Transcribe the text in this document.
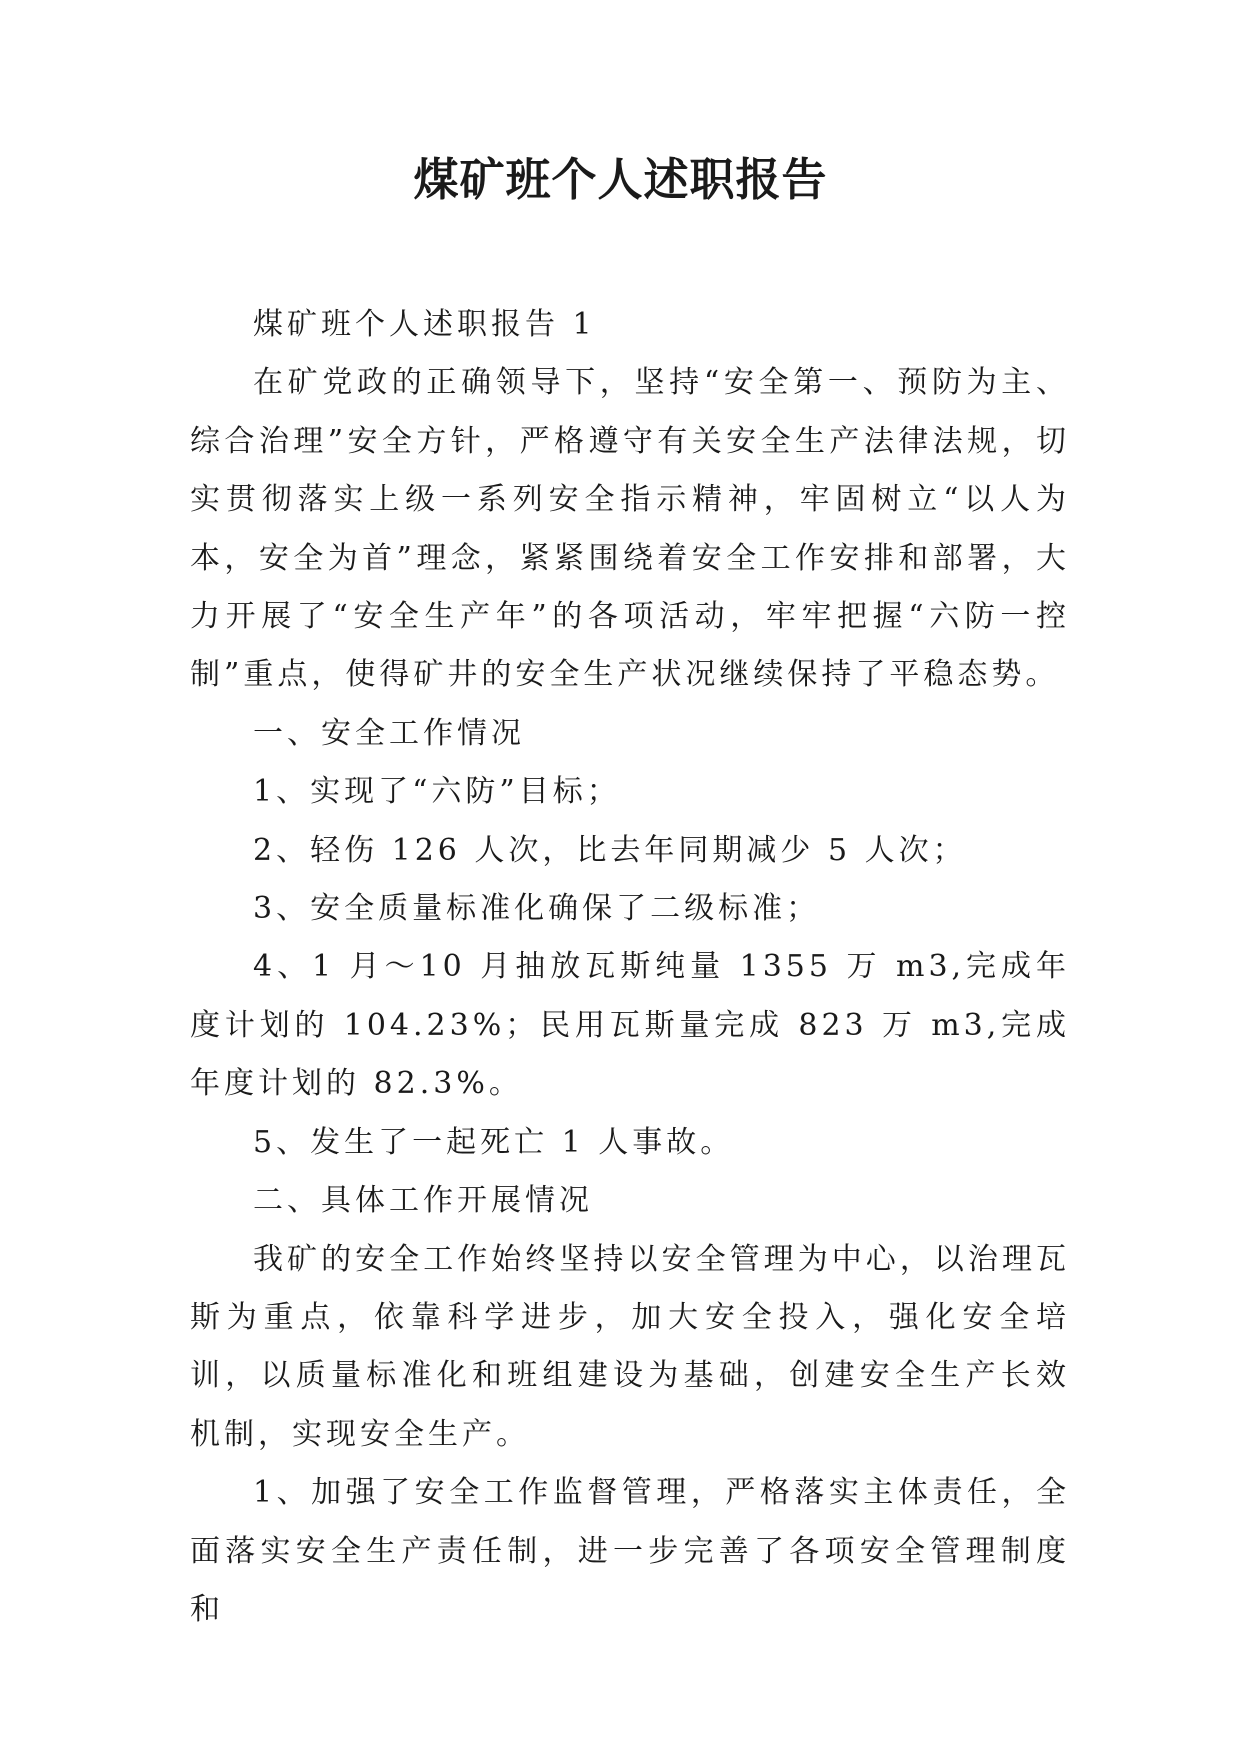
煤矿班个人述职报告

煤矿班个人述职报告 1

在矿党政的正确领导下，坚持“安全第一、预防为主、综合治理”安全方针，严格遵守有关安全生产法律法规，切实贯彻落实上级一系列安全指示精神，牢固树立“以人为本，安全为首”理念，紧紧围绕着安全工作安排和部署，大力开展了“安全生产年”的各项活动，牢牢把握“六防一控制”重点，使得矿井的安全生产状况继续保持了平稳态势。

一、安全工作情况

1、实现了“六防”目标；

2、轻伤 126 人次，比去年同期减少 5 人次；

3、安全质量标准化确保了二级标准；

4、1 月～10 月抽放瓦斯纯量 1355 万 m3,完成年度计划的 104.23%；民用瓦斯量完成 823 万 m3,完成年度计划的 82.3%。

5、发生了一起死亡 1 人事故。

二、具体工作开展情况

我矿的安全工作始终坚持以安全管理为中心，以治理瓦斯为重点，依靠科学进步，加大安全投入，强化安全培训，以质量标准化和班组建设为基础，创建安全生产长效机制，实现安全生产。

1、加强了安全工作监督管理，严格落实主体责任，全面落实安全生产责任制，进一步完善了各项安全管理制度和
